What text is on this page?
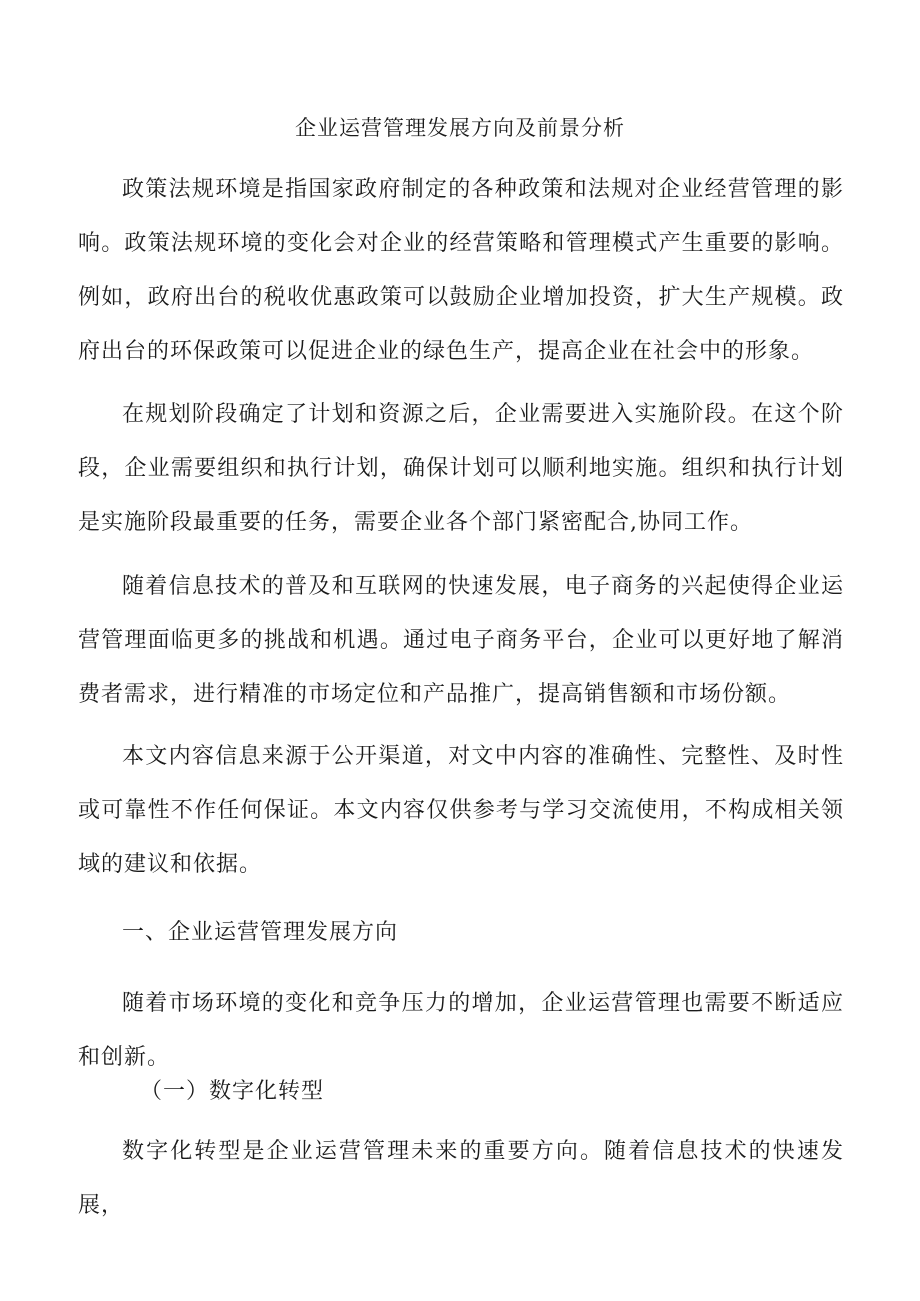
企业运营管理发展方向及前景分析

政策法规环境是指国家政府制定的各种政策和法规对企业经营管理的影响。政策法规环境的变化会对企业的经营策略和管理模式产生重要的影响。例如，政府出台的税收优惠政策可以鼓励企业增加投资，扩大生产规模。政府出台的环保政策可以促进企业的绿色生产，提高企业在社会中的形象。

在规划阶段确定了计划和资源之后，企业需要进入实施阶段。在这个阶段，企业需要组织和执行计划，确保计划可以顺利地实施。组织和执行计划是实施阶段最重要的任务，需要企业各个部门紧密配合,协同工作。

随着信息技术的普及和互联网的快速发展，电子商务的兴起使得企业运营管理面临更多的挑战和机遇。通过电子商务平台，企业可以更好地了解消费者需求，进行精准的市场定位和产品推广，提高销售额和市场份额。

本文内容信息来源于公开渠道，对文中内容的准确性、完整性、及时性或可靠性不作任何保证。本文内容仅供参考与学习交流使用，不构成相关领域的建议和依据。

一、企业运营管理发展方向

随着市场环境的变化和竞争压力的增加，企业运营管理也需要不断适应和创新。

（一）数字化转型

数字化转型是企业运营管理未来的重要方向。随着信息技术的快速发展，
